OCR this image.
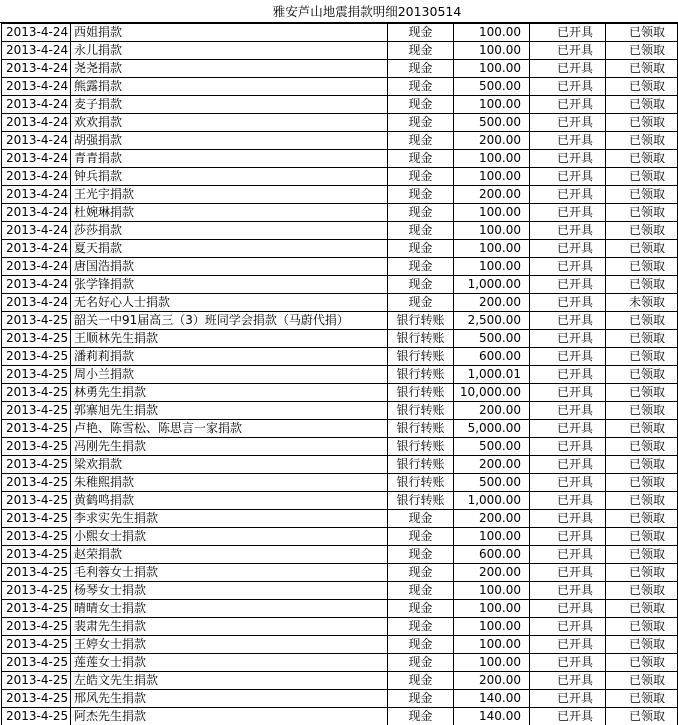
雅安芦山地震捐款明细20130514
2013-4-24	西姐捐款	现金	100.00	已开具	已领取
2013-4-24	永儿捐款	现金	100.00	已开具	已领取
2013-4-24	尧尧捐款	现金	100.00	已开具	已领取
2013-4-24	熊露捐款	现金	500.00	已开具	已领取
2013-4-24	麦子捐款	现金	100.00	已开具	已领取
2013-4-24	欢欢捐款	现金	500.00	已开具	已领取
2013-4-24	胡强捐款	现金	200.00	已开具	已领取
2013-4-24	青青捐款	现金	100.00	已开具	已领取
2013-4-24	钟兵捐款	现金	100.00	已开具	已领取
2013-4-24	王光宇捐款	现金	200.00	已开具	已领取
2013-4-24	杜婉琳捐款	现金	100.00	已开具	已领取
2013-4-24	莎莎捐款	现金	100.00	已开具	已领取
2013-4-24	夏天捐款	现金	100.00	已开具	已领取
2013-4-24	唐国浩捐款	现金	100.00	已开具	已领取
2013-4-24	张学锋捐款	现金	1,000.00	已开具	已领取
2013-4-24	无名好心人士捐款	现金	200.00	已开具	未领取
2013-4-25	韶关一中91届高三（3）班同学会捐款（马蔚代捐）	银行转账	2,500.00	已开具	已领取
2013-4-25	王顺林先生捐款	银行转账	500.00	已开具	已领取
2013-4-25	潘莉莉捐款	银行转账	600.00	已开具	已领取
2013-4-25	周小兰捐款	银行转账	1,000.01	已开具	已领取
2013-4-25	林勇先生捐款	银行转账	10,000.00	已开具	已领取
2013-4-25	郭寨旭先生捐款	银行转账	200.00	已开具	已领取
2013-4-25	卢艳、陈雪松、陈思言一家捐款	银行转账	5,000.00	已开具	已领取
2013-4-25	冯刚先生捐款	银行转账	500.00	已开具	已领取
2013-4-25	梁欢捐款	银行转账	200.00	已开具	已领取
2013-4-25	朱稚熙捐款	银行转账	500.00	已开具	已领取
2013-4-25	黄鹤鸣捐款	银行转账	1,000.00	已开具	已领取
2013-4-25	李求实先生捐款	现金	200.00	已开具	已领取
2013-4-25	小熙女士捐款	现金	100.00	已开具	已领取
2013-4-25	赵荣捐款	现金	600.00	已开具	已领取
2013-4-25	毛利蓉女士捐款	现金	200.00	已开具	已领取
2013-4-25	杨琴女士捐款	现金	100.00	已开具	已领取
2013-4-25	晴晴女士捐款	现金	100.00	已开具	已领取
2013-4-25	裴肃先生捐款	现金	100.00	已开具	已领取
2013-4-25	王婷女士捐款	现金	100.00	已开具	已领取
2013-4-25	莲莲女士捐款	现金	100.00	已开具	已领取
2013-4-25	左皓文先生捐款	现金	200.00	已开具	已领取
2013-4-25	邢风先生捐款	现金	140.00	已开具	已领取
2013-4-25	阿杰先生捐款	现金	140.00	已开具	已领取
